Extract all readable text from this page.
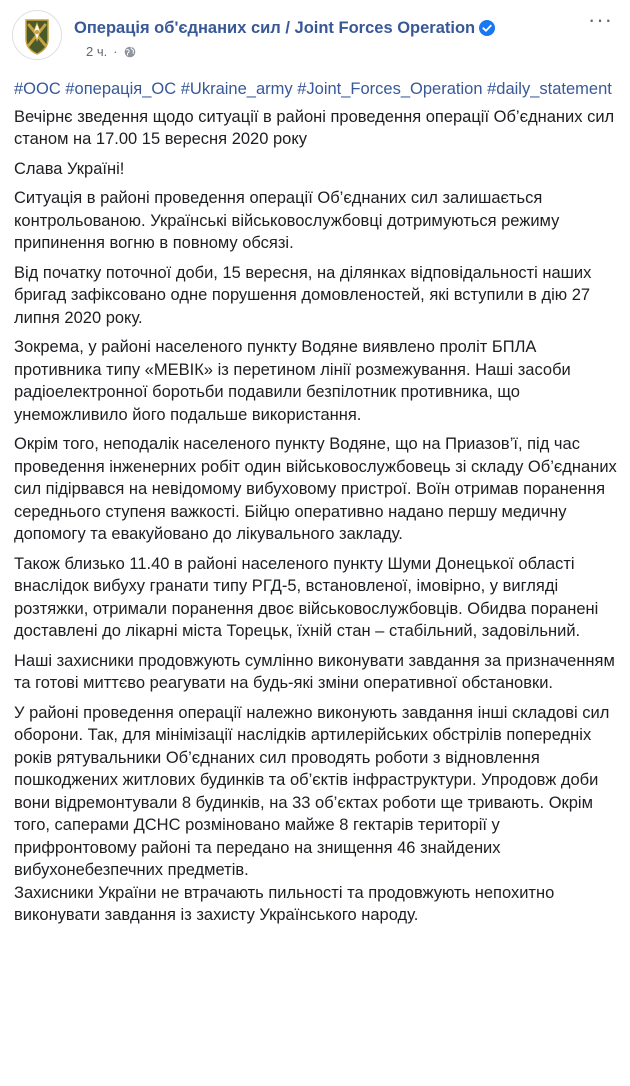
Операція об'єднаних сил / Joint Forces Operation
2 ч. ·
···
#ООС #операція_ОС #Ukraine_army #Joint_Forces_Operation #daily_statement

Вечірнє зведення щодо ситуації в районі проведення операції Об’єднаних сил станом на 17.00 15 вересня 2020 року

Слава Україні!

Ситуація в районі проведення операції Об’єднаних сил залишається контрольованою. Українські військовослужбовці дотримуються режиму припинення вогню в повному обсязі.

Від початку поточної доби, 15 вересня, на ділянках відповідальності наших бригад зафіксовано одне порушення домовленостей, які вступили в дію 27 липня 2020 року.

Зокрема, у районі населеного пункту Водяне виявлено проліт БПЛА противника типу «МЕВІК» із перетином лінії розмежування. Наші засоби радіоелектронної боротьби подавили безпілотник противника, що унеможливило його подальше використання.

Окрім того, неподалік населеного пункту Водяне, що на Приазов’ї, під час проведення інженерних робіт один військовослужбовець зі складу Об’єднаних сил підірвався на невідомому вибуховому пристрої. Воїн отримав поранення середнього ступеня важкості. Бійцю оперативно надано першу медичну допомогу та евакуйовано до лікувального закладу.

Також близько 11.40 в районі населеного пункту Шуми Донецької області внаслідок вибуху гранати типу РГД-5, встановленої, імовірно, у вигляді розтяжки, отримали поранення двоє військовослужбовців. Обидва поранені доставлені до лікарні міста Торецьк, їхній стан – стабільний, задовільний.

Наші захисники продовжують сумлінно виконувати завдання за призначенням та готові миттєво реагувати на будь-які зміни оперативної обстановки.

У районі проведення операції належно виконують завдання інші складові сил оборони. Так, для мінімізації наслідків артилерійських обстрілів попередніх років рятувальники Об’єднаних сил проводять роботи з відновлення пошкоджених житлових будинків та об’єктів інфраструктури. Упродовж доби вони відремонтували 8 будинків, на 33 об’єктах роботи ще тривають. Окрім того, саперами ДСНС розміновано майже 8 гектарів території у прифронтовому районі та передано на знищення 46 знайдених вибухонебезпечних предметів.

Захисники України не втрачають пильності та продовжують непохитно виконувати завдання із захисту Українського народу.
